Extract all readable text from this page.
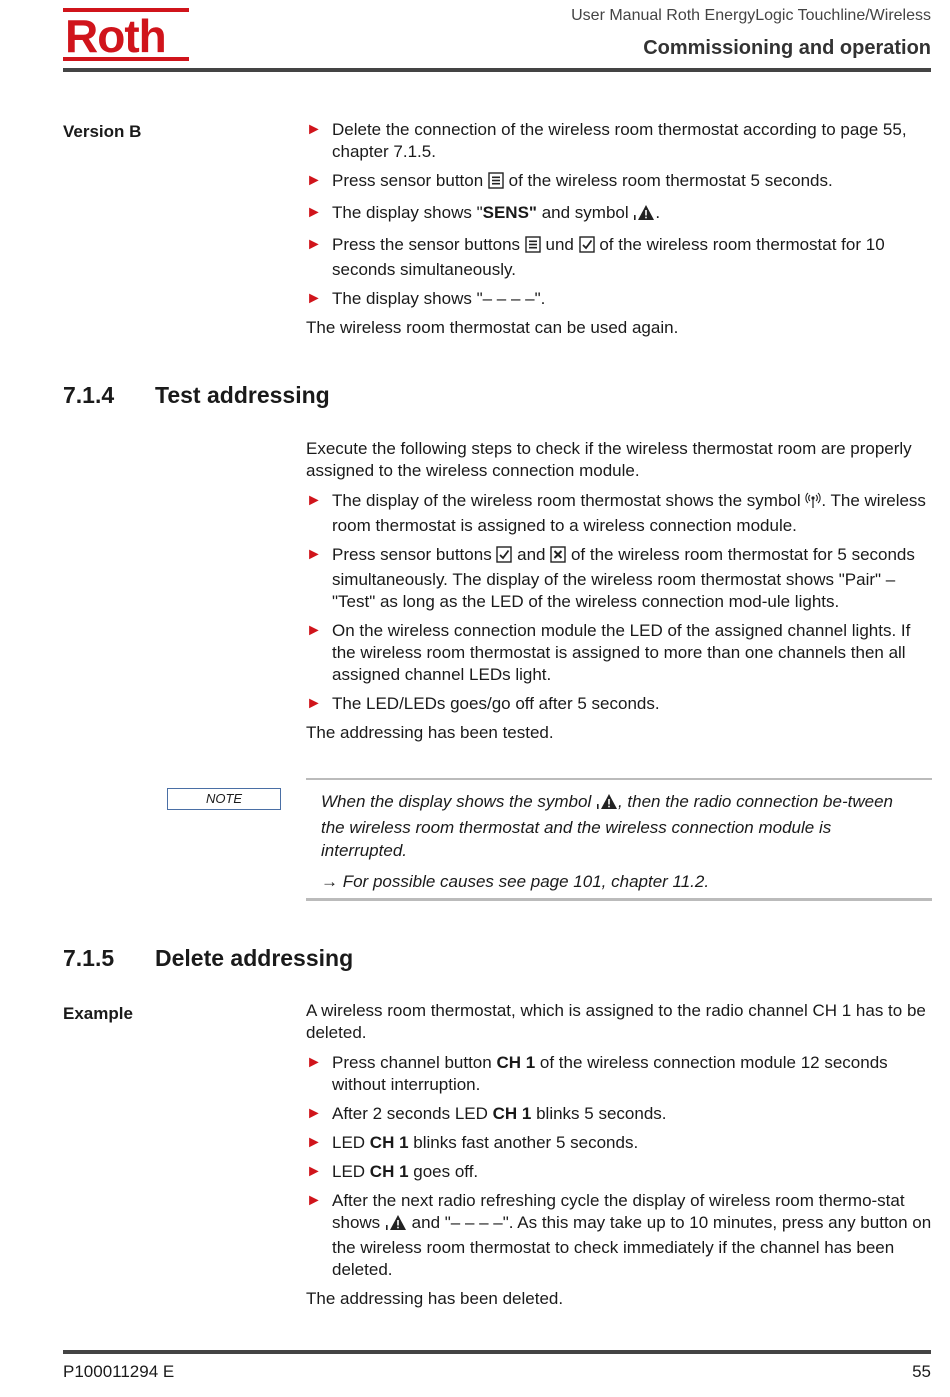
Roth	User Manual Roth EnergyLogic Touchline/Wireless
Commissioning and operation
Version B	► Delete the connection of the wireless room thermostat according to page 55, chapter 7.1.5.
► Press sensor button  of the wireless room thermostat 5 seconds.
► The display shows "SENS" and symbol .
► Press the sensor buttons  und  of the wireless room thermostat for 10 seconds simultaneously.
► The display shows "– – – –".

The wireless room thermostat can be used again.

7.1.4 Test addressing

Execute the following steps to check if the wireless thermostat room are properly assigned to the wireless connection module.

► The display of the wireless room thermostat shows the symbol . The wireless room thermostat is assigned to a wireless connection module.
► Press sensor buttons  and  of the wireless room thermostat for 5 seconds simultaneously. The display of the wireless room thermostat shows "Pair" – "Test" as long as the LED of the wireless connection mod-ule lights.
► On the wireless connection module the LED of the assigned channel lights. If the wireless room thermostat is assigned to more than one channels then all assigned channel LEDs light.
► The LED/LEDs goes/go off after 5 seconds.

The addressing has been tested.

NOTE	When the display shows the symbol , then the radio connection be-tween the wireless room thermostat and the wireless connection module is interrupted.
→ For possible causes see page 101, chapter 11.2.
7.1.5 Delete addressing
Example	A wireless room thermostat, which is assigned to the radio channel CH 1 has to be deleted.

► Press channel button CH 1 of the wireless connection module 12 seconds without interruption.
► After 2 seconds LED CH 1 blinks 5 seconds.
► LED CH 1 blinks fast another 5 seconds.
► LED CH 1 goes off.
► After the next radio refreshing cycle the display of wireless room thermo-stat shows  and "– – – –". As this may take up to 10 minutes, press any button on the wireless room thermostat to check immediately if the channel has been deleted.

The addressing has been deleted.

P100011294 E	55
